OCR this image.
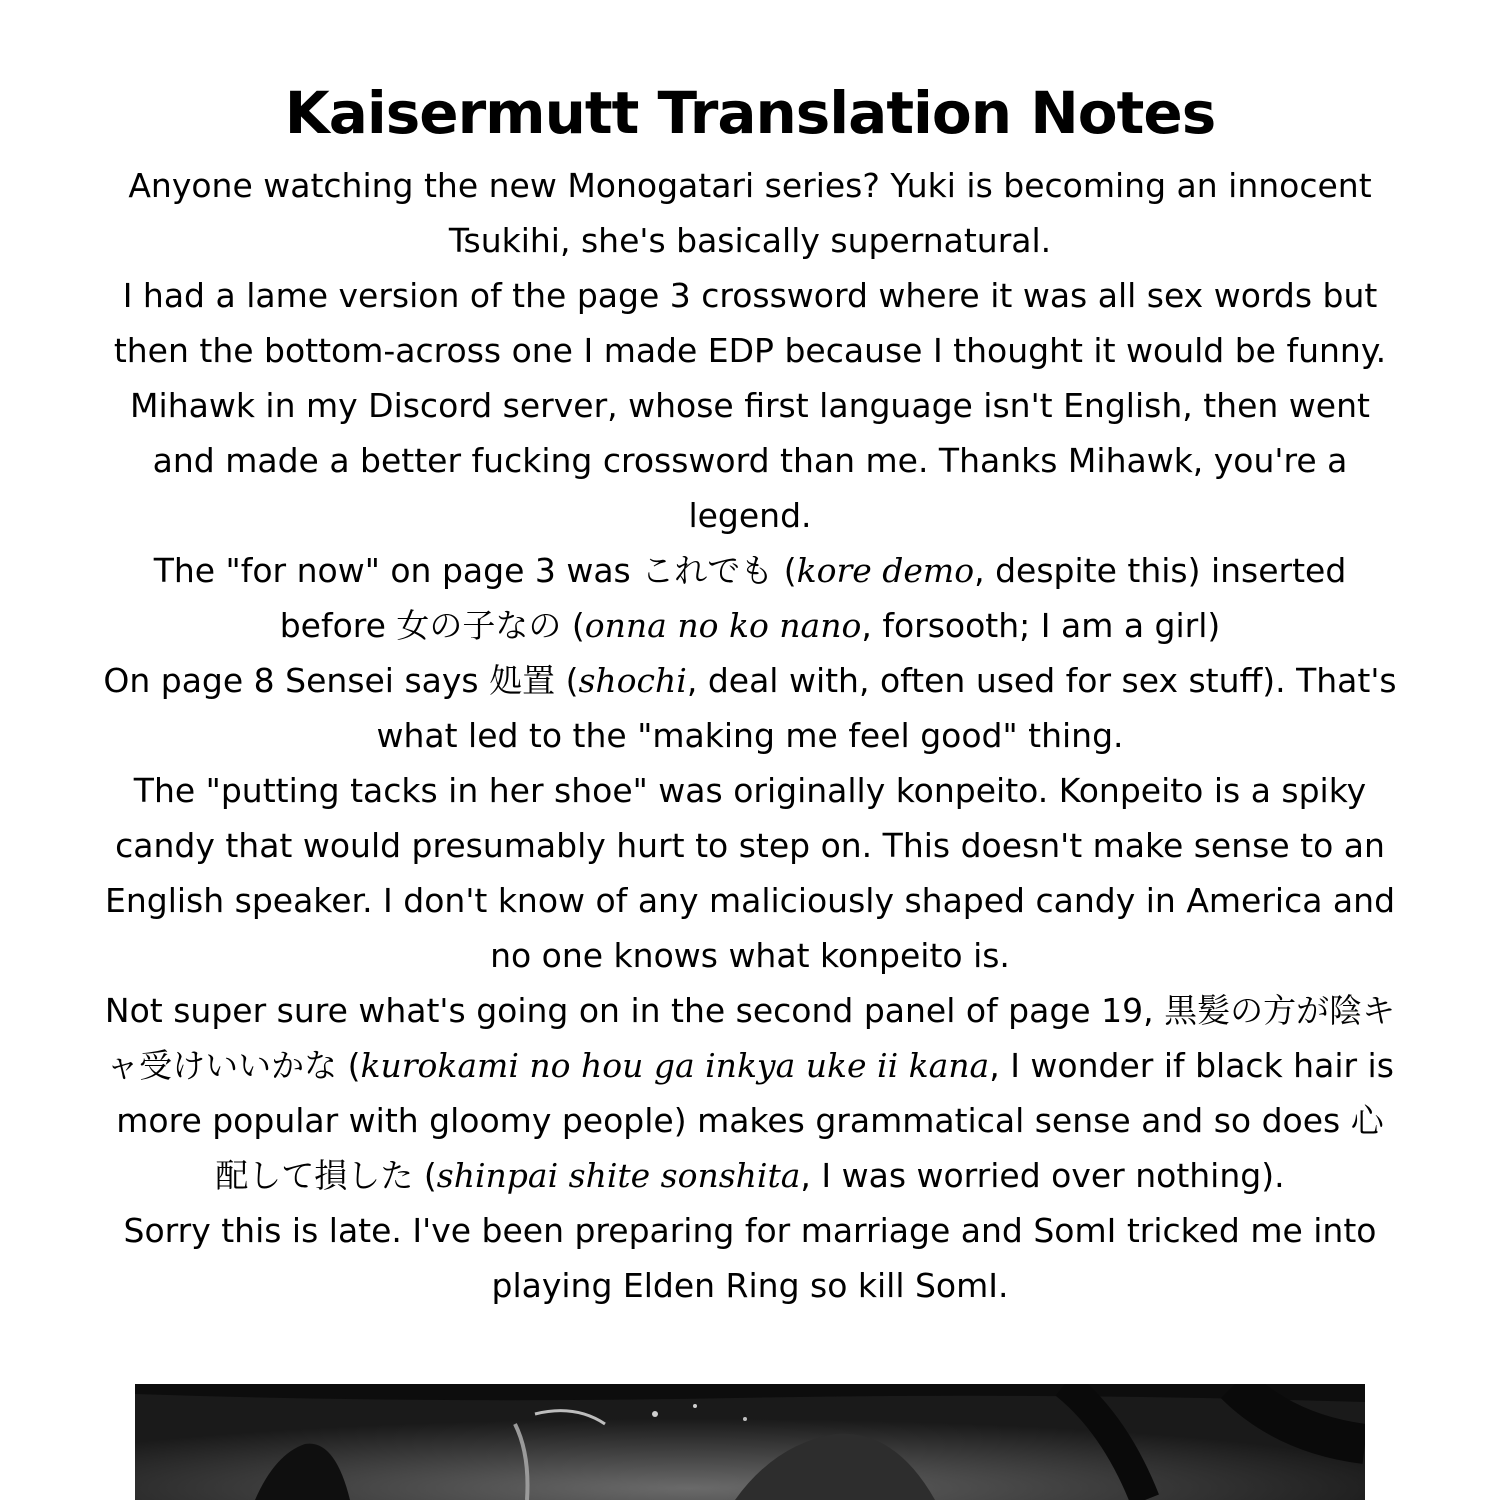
Kaisermutt Translation Notes

Anyone watching the new Monogatari series? Yuki is becoming an innocent Tsukihi, she's basically supernatural.

I had a lame version of the page 3 crossword where it was all sex words but then the bottom-across one I made EDP because I thought it would be funny. Mihawk in my Discord server, whose first language isn't English, then went and made a better fucking crossword than me. Thanks Mihawk, you're a legend.

The "for now" on page 3 was これでも (kore demo, despite this) inserted before 女の子なの (onna no ko nano, forsooth; I am a girl)

On page 8 Sensei says 処置 (shochi, deal with, often used for sex stuff). That's what led to the "making me feel good" thing.

The "putting tacks in her shoe" was originally konpeito. Konpeito is a spiky candy that would presumably hurt to step on. This doesn't make sense to an English speaker. I don't know of any maliciously shaped candy in America and no one knows what konpeito is.

Not super sure what's going on in the second panel of page 19, 黒髪の方が陰キャ受けいいかな (kurokami no hou ga inkya uke ii kana, I wonder if black hair is more popular with gloomy people) makes grammatical sense and so does 心配して損した (shinpai shite sonshita, I was worried over nothing).

Sorry this is late. I've been preparing for marriage and SomI tricked me into playing Elden Ring so kill SomI.
